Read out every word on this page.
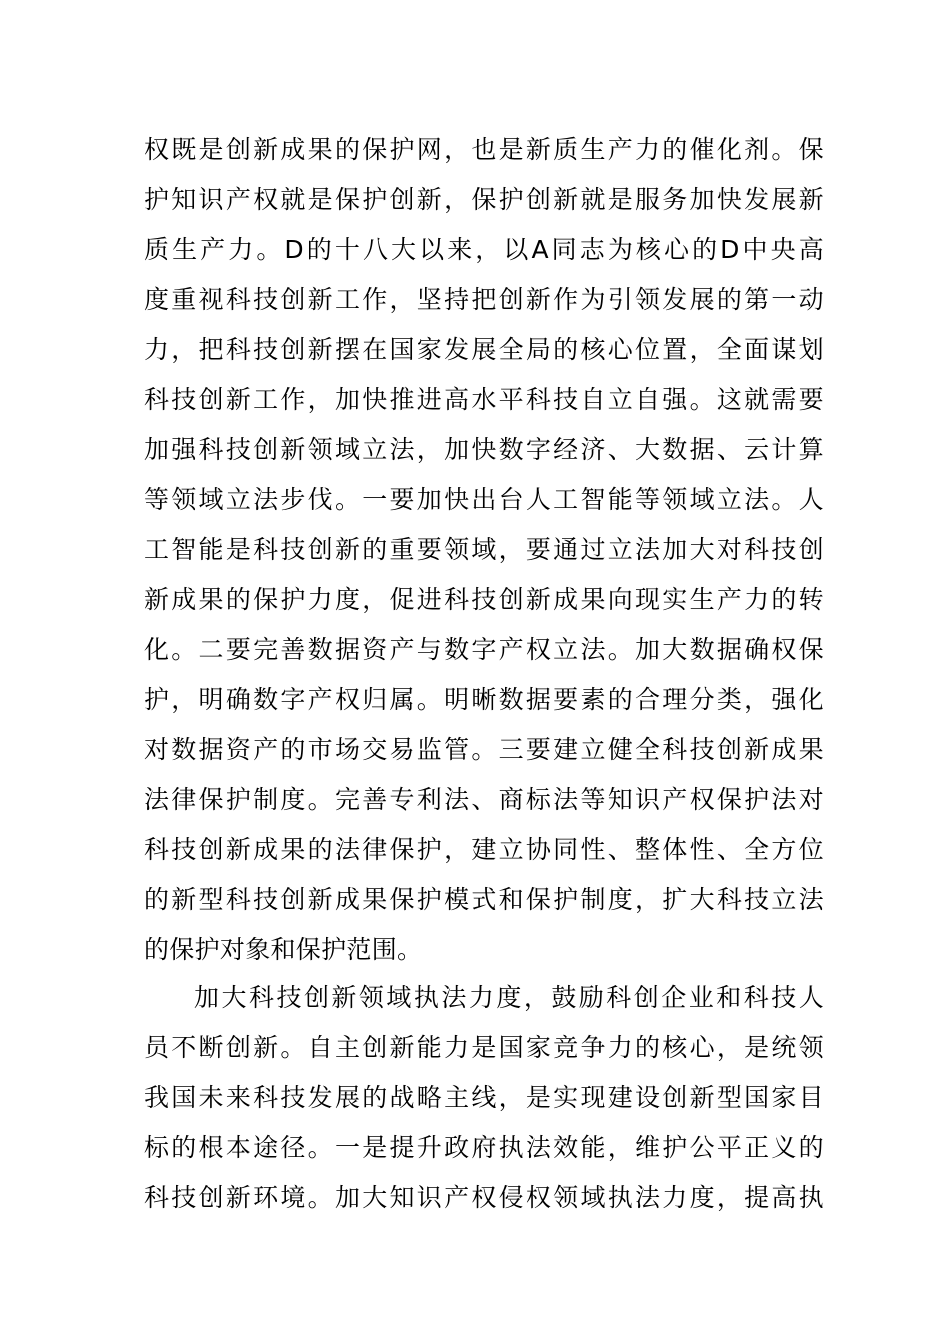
权既是创新成果的保护网，也是新质生产力的催化剂。保
护知识产权就是保护创新，保护创新就是服务加快发展新
质生产力。D的十八大以来，以A同志为核心的D中央高
度重视科技创新工作，坚持把创新作为引领发展的第一动
力，把科技创新摆在国家发展全局的核心位置，全面谋划
科技创新工作，加快推进高水平科技自立自强。这就需要
加强科技创新领域立法，加快数字经济、大数据、云计算
等领域立法步伐。一要加快出台人工智能等领域立法。人
工智能是科技创新的重要领域，要通过立法加大对科技创
新成果的保护力度，促进科技创新成果向现实生产力的转
化。二要完善数据资产与数字产权立法。加大数据确权保
护，明确数字产权归属。明晰数据要素的合理分类，强化
对数据资产的市场交易监管。三要建立健全科技创新成果
法律保护制度。完善专利法、商标法等知识产权保护法对
科技创新成果的法律保护，建立协同性、整体性、全方位
的新型科技创新成果保护模式和保护制度，扩大科技立法
的保护对象和保护范围。
加大科技创新领域执法力度，鼓励科创企业和科技人
员不断创新。自主创新能力是国家竞争力的核心，是统领
我国未来科技发展的战略主线，是实现建设创新型国家目
标的根本途径。一是提升政府执法效能，维护公平正义的
科技创新环境。加大知识产权侵权领域执法力度，提高执
